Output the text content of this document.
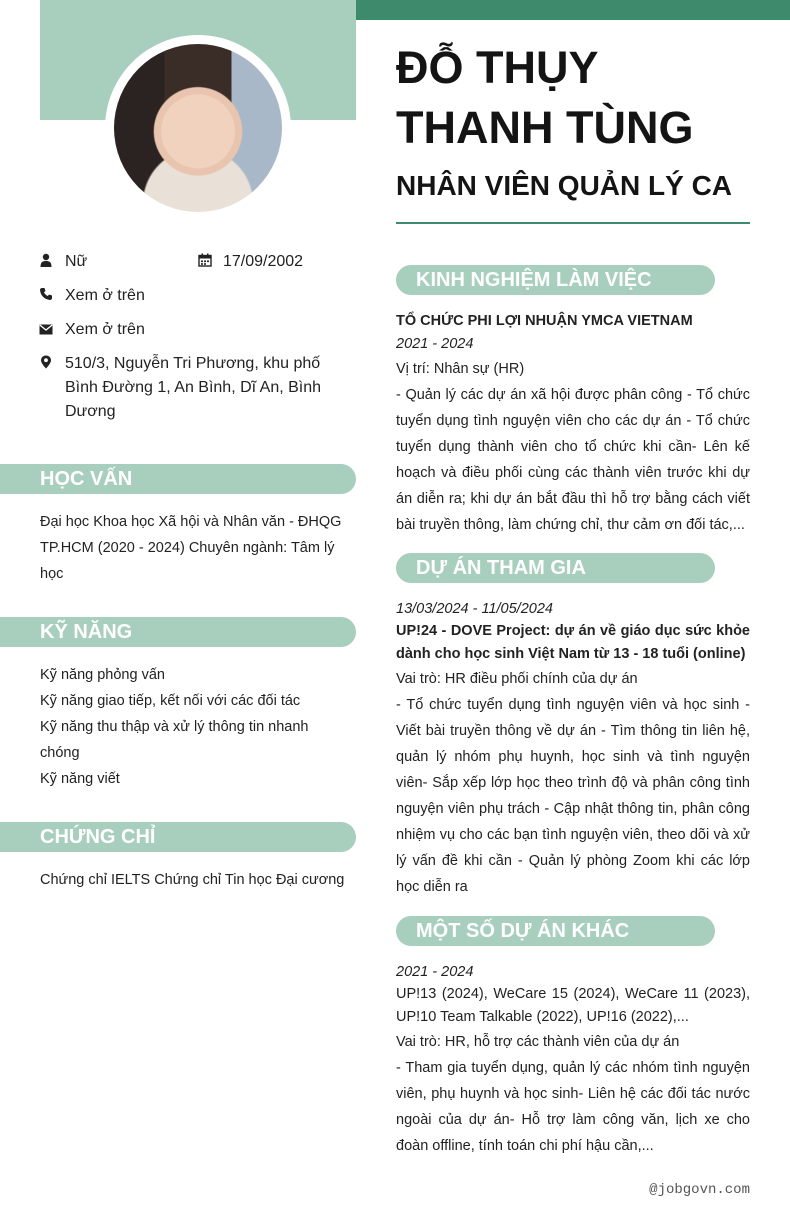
ĐỖ THỤY
THANH TÙNG
NHÂN VIÊN QUẢN LÝ CA
Nữ	17/09/2002
Xem ở trên
Xem ở trên
510/3, Nguyễn Tri Phương, khu phố Bình Đường 1, An Bình, Dĩ An, Bình Dương
HỌC VẤN
Đại học Khoa học Xã hội và Nhân văn - ĐHQG TP.HCM (2020 - 2024) Chuyên ngành: Tâm lý học
KỸ NĂNG
Kỹ năng phỏng vấn
Kỹ năng giao tiếp, kết nối với các đối tác
Kỹ năng thu thập và xử lý thông tin nhanh chóng
Kỹ năng viết
CHỨNG CHỈ
Chứng chỉ IELTS Chứng chỉ Tin học Đại cương
KINH NGHIỆM LÀM VIỆC
TỔ CHỨC PHI LỢI NHUẬN YMCA VIETNAM
2021 - 2024
Vị trí: Nhân sự (HR)
- Quản lý các dự án xã hội được phân công - Tổ chức tuyển dụng tình nguyện viên cho các dự án - Tổ chức tuyển dụng thành viên cho tổ chức khi cần- Lên kế hoạch và điều phối cùng các thành viên trước khi dự án diễn ra; khi dự án bắt đầu thì hỗ trợ bằng cách viết bài truyền thông, làm chứng chỉ, thư cảm ơn đối tác,...
DỰ ÁN THAM GIA
13/03/2024 - 11/05/2024
UP!24 - DOVE Project: dự án về giáo dục sức khỏe dành cho học sinh Việt Nam từ 13 - 18 tuổi (online)
Vai trò: HR điều phối chính của dự án
- Tổ chức tuyển dụng tình nguyện viên và học sinh - Viết bài truyền thông về dự án - Tìm thông tin liên hệ, quản lý nhóm phụ huynh, học sinh và tình nguyện viên- Sắp xếp lớp học theo trình độ và phân công tình nguyện viên phụ trách - Cập nhật thông tin, phân công nhiệm vụ cho các bạn tình nguyện viên, theo dõi và xử lý vấn đề khi cần - Quản lý phòng Zoom khi các lớp học diễn ra
MỘT SỐ DỰ ÁN KHÁC
2021 - 2024
UP!13 (2024), WeCare 15 (2024), WeCare 11 (2023), UP!10 Team Talkable (2022), UP!16 (2022),...
Vai trò: HR, hỗ trợ các thành viên của dự án
- Tham gia tuyển dụng, quản lý các nhóm tình nguyện viên, phụ huynh và học sinh- Liên hệ các đối tác nước ngoài của dự án- Hỗ trợ làm công văn, lịch xe cho đoàn offline, tính toán chi phí hậu cần,...
@jobgovn.com
